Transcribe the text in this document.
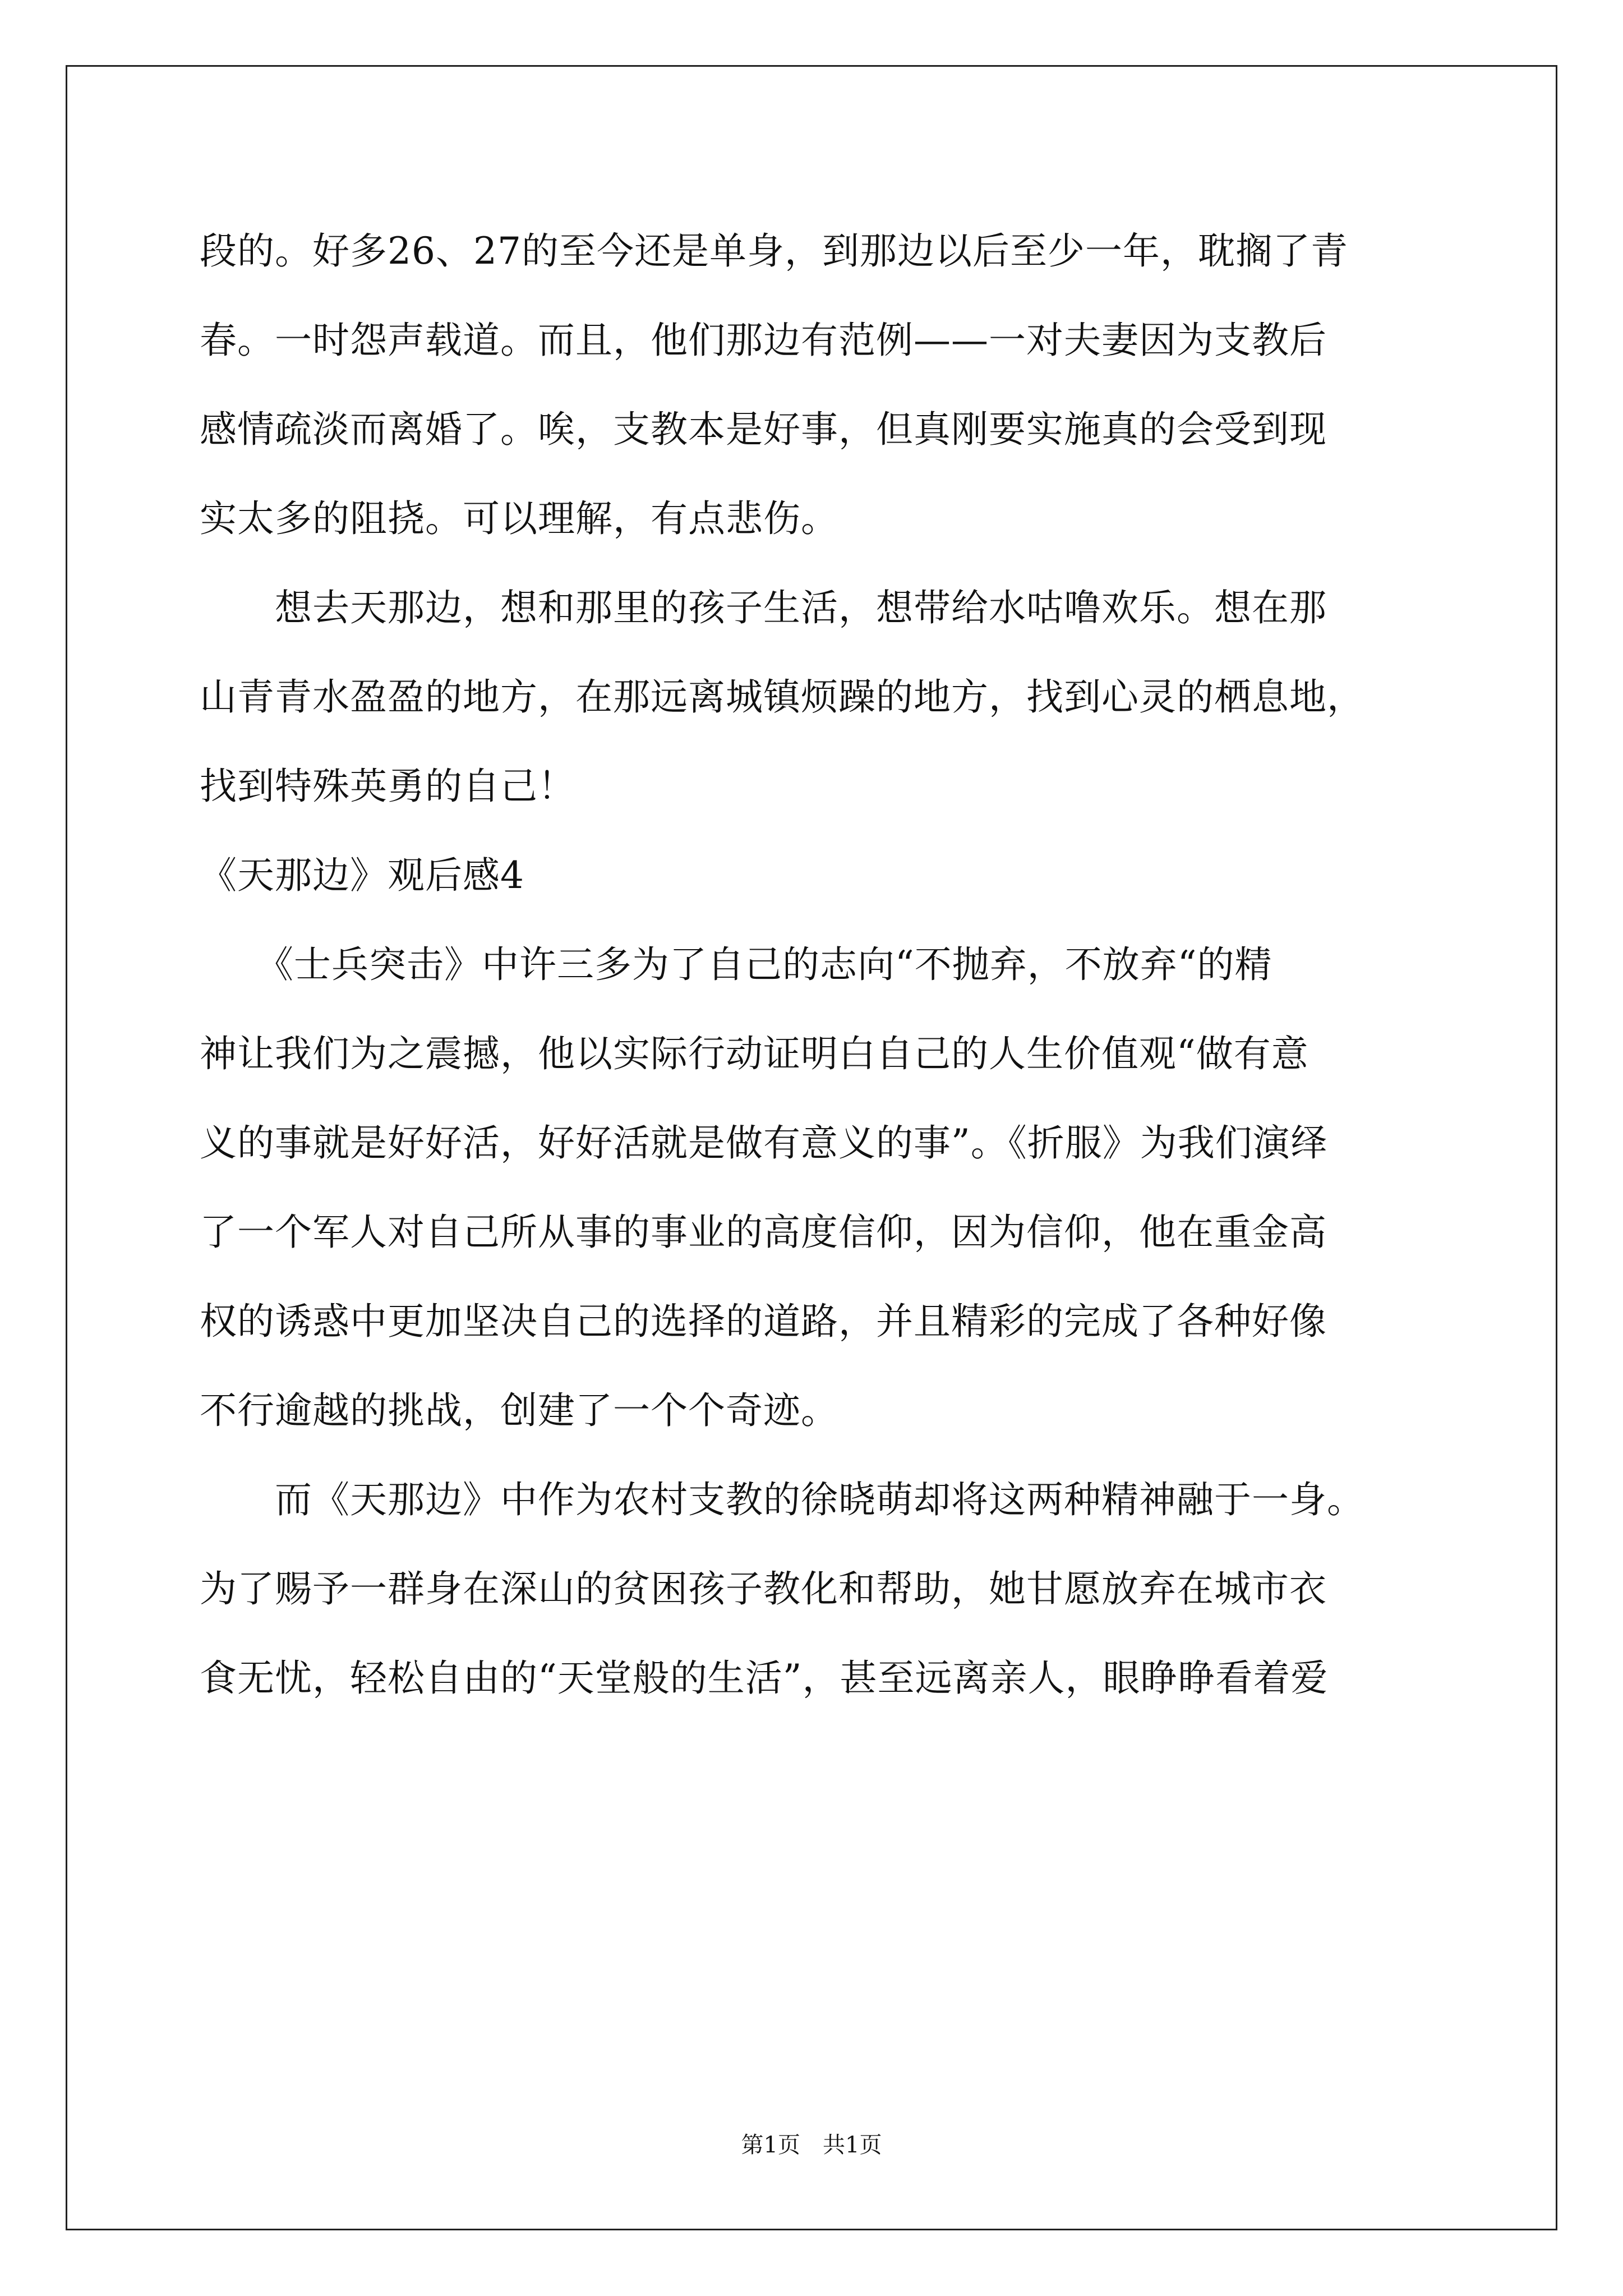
段的。好多26、27的至今还是单身，到那边以后至少一年，耽搁了青
春。一时怨声载道。而且，他们那边有范例——一对夫妻因为支教后
感情疏淡而离婚了。唉，支教本是好事，但真刚要实施真的会受到现
实太多的阻挠。可以理解，有点悲伤。
　　想去天那边，想和那里的孩子生活，想带给水咕噜欢乐。想在那
山青青水盈盈的地方，在那远离城镇烦躁的地方，找到心灵的栖息地，
找到特殊英勇的自己！
《天那边》观后感4
　　《士兵突击》中许三多为了自己的志向“不抛弃，不放弃“的精
神让我们为之震撼，他以实际行动证明白自己的人生价值观“做有意
义的事就是好好活，好好活就是做有意义的事”。《折服》为我们演绎
了一个军人对自己所从事的事业的高度信仰，因为信仰，他在重金高
权的诱惑中更加坚决自己的选择的道路，并且精彩的完成了各种好像
不行逾越的挑战，创建了一个个奇迹。
　　而《天那边》中作为农村支教的徐晓萌却将这两种精神融于一身。
为了赐予一群身在深山的贫困孩子教化和帮助，她甘愿放弃在城市衣
食无忧，轻松自由的“天堂般的生活”，甚至远离亲人，眼睁睁看着爱
第1页　共1页
